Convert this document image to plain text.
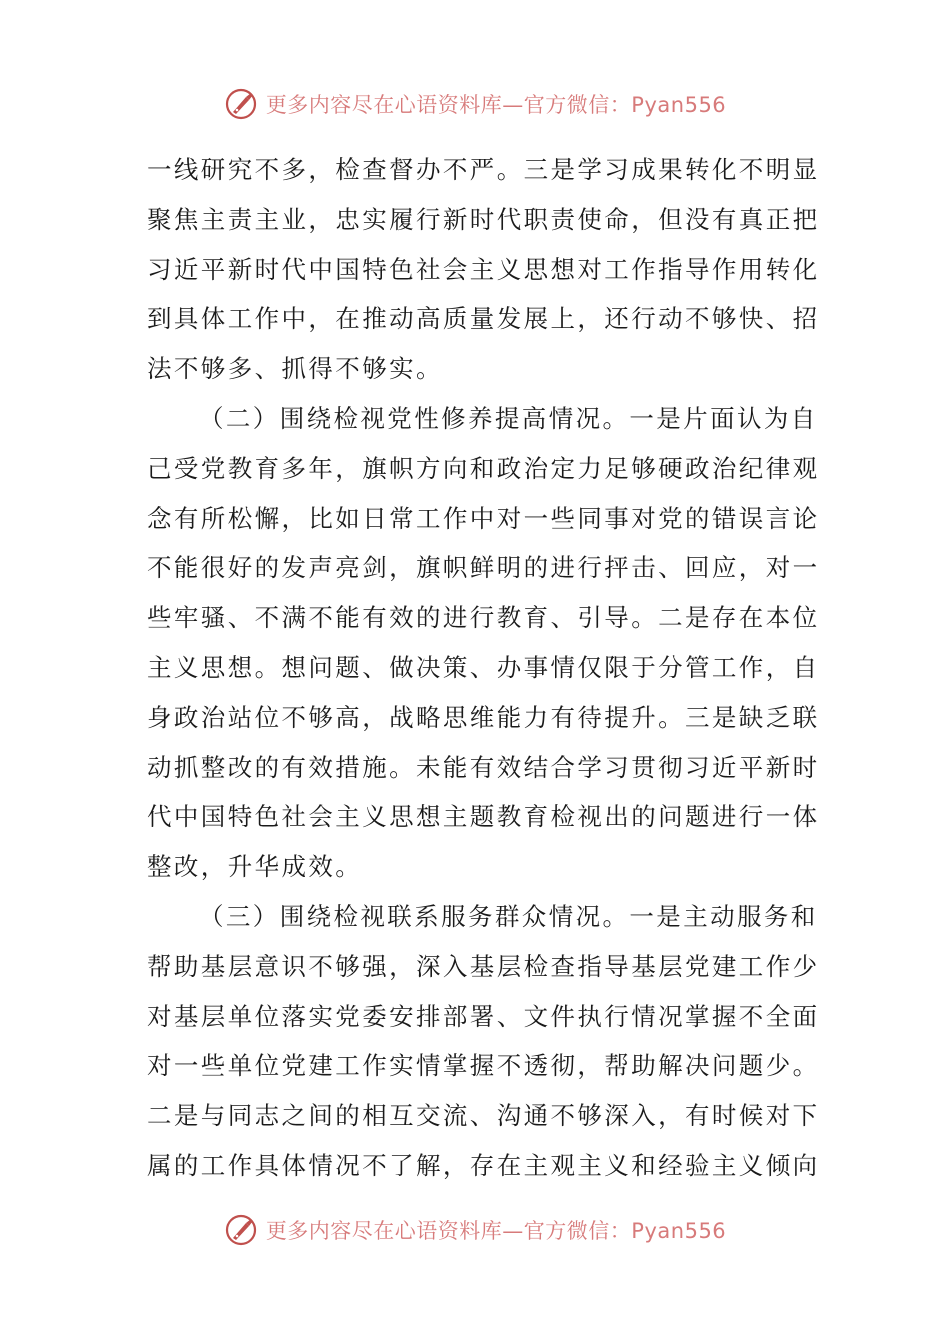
更多内容尽在心语资料库—官方微信：Pyan556
一线研究不多，检查督办不严。三是学习成果转化不明显
聚焦主责主业，忠实履行新时代职责使命，但没有真正把
习近平新时代中国特色社会主义思想对工作指导作用转化
到具体工作中，在推动高质量发展上，还行动不够快、招
法不够多、抓得不够实。
（二）围绕检视党性修养提高情况。一是片面认为自
己受党教育多年，旗帜方向和政治定力足够硬政治纪律观
念有所松懈，比如日常工作中对一些同事对党的错误言论
不能很好的发声亮剑，旗帜鲜明的进行抨击、回应，对一
些牢骚、不满不能有效的进行教育、引导。二是存在本位
主义思想。想问题、做决策、办事情仅限于分管工作，自
身政治站位不够高，战略思维能力有待提升。三是缺乏联
动抓整改的有效措施。未能有效结合学习贯彻习近平新时
代中国特色社会主义思想主题教育检视出的问题进行一体
整改，升华成效。
（三）围绕检视联系服务群众情况。一是主动服务和
帮助基层意识不够强，深入基层检查指导基层党建工作少
对基层单位落实党委安排部署、文件执行情况掌握不全面
对一些单位党建工作实情掌握不透彻，帮助解决问题少。
二是与同志之间的相互交流、沟通不够深入，有时候对下
属的工作具体情况不了解，存在主观主义和经验主义倾向
更多内容尽在心语资料库—官方微信：Pyan556
